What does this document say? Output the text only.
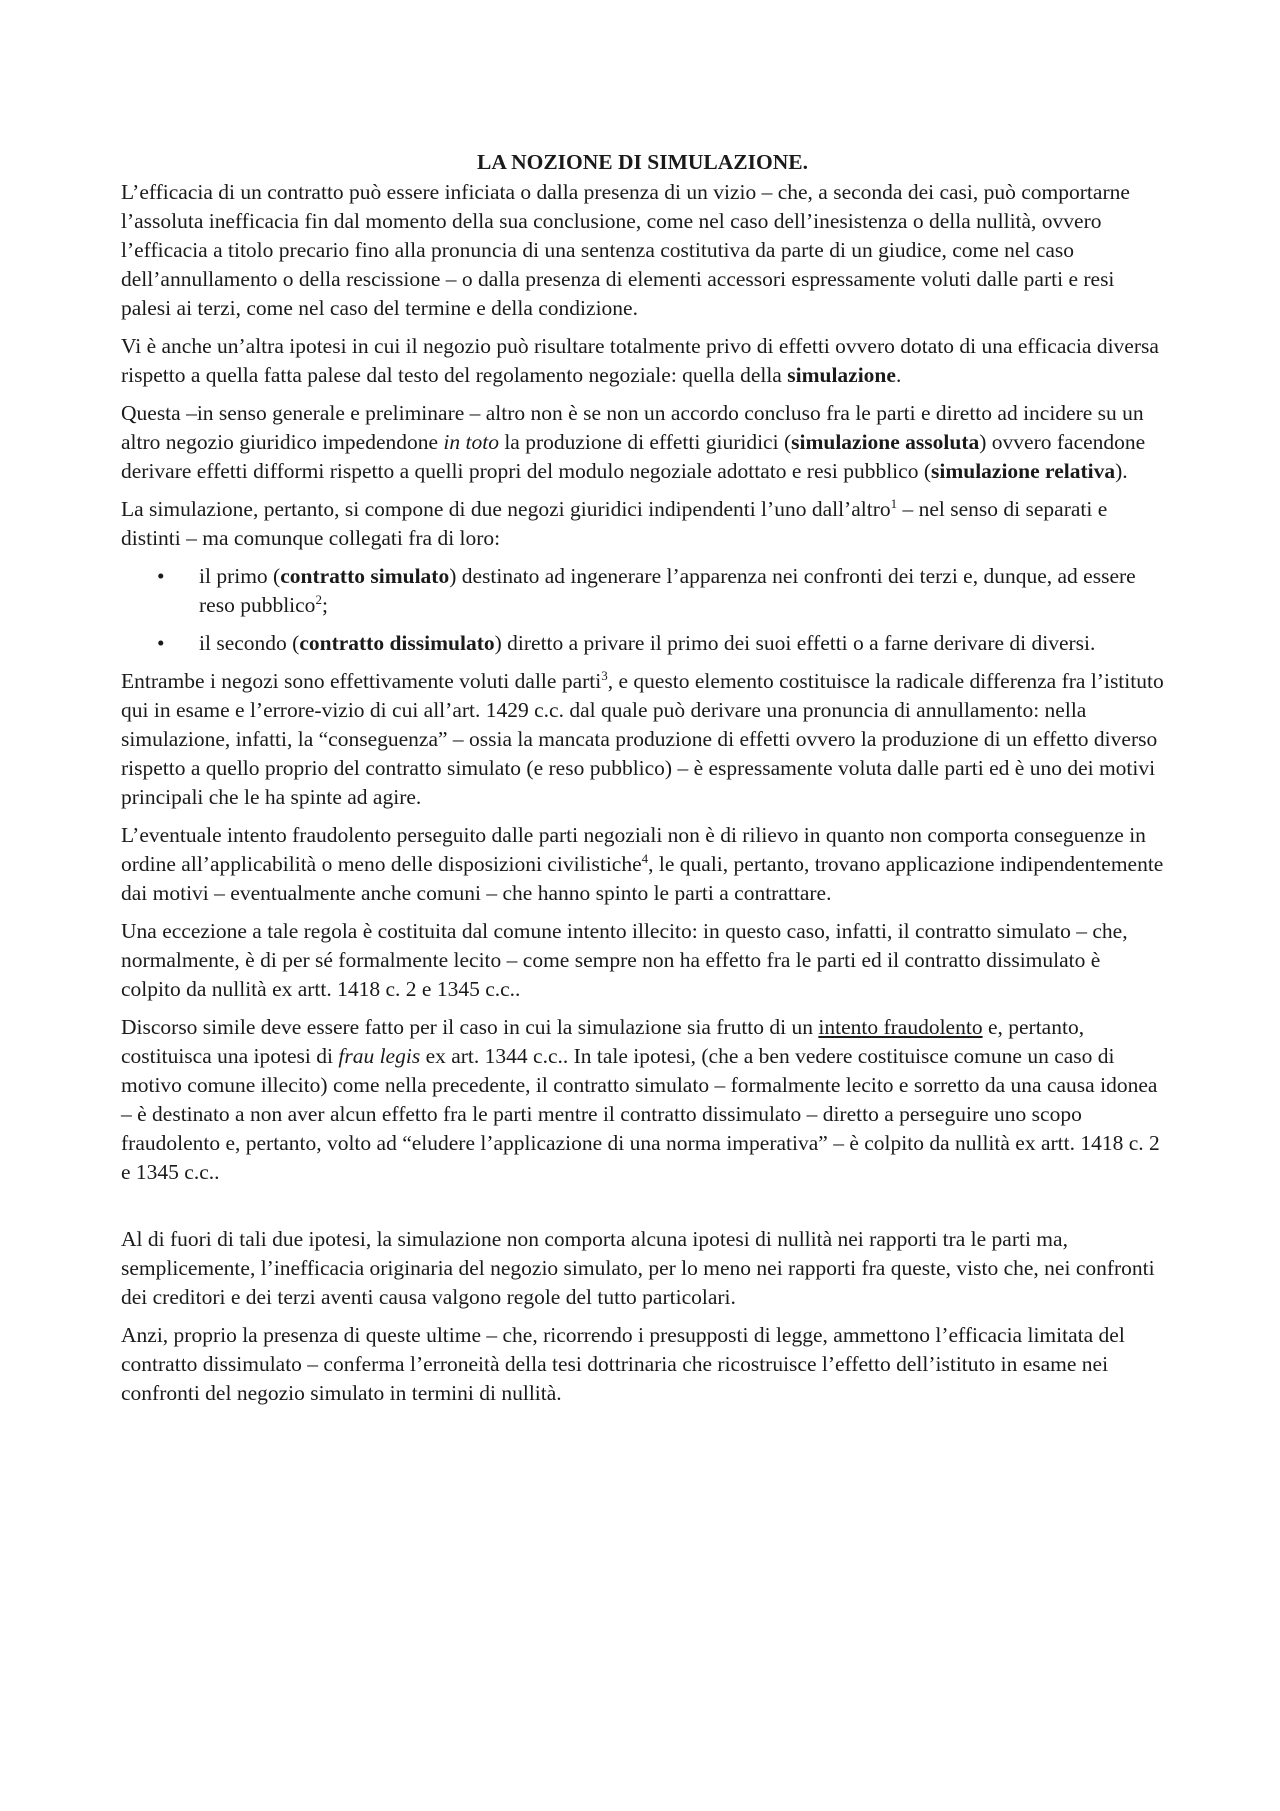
LA NOZIONE DI SIMULAZIONE.

L’efficacia di un contratto può essere inficiata o dalla presenza di un vizio – che, a seconda dei casi, può comportarne l’assoluta inefficacia fin dal momento della sua conclusione, come nel caso dell’inesistenza o della nullità, ovvero l’efficacia a titolo precario fino alla pronuncia di una sentenza costitutiva da parte di un giudice, come nel caso dell’annullamento o della rescissione – o dalla presenza di elementi accessori espressamente voluti dalle parti e resi palesi ai terzi, come nel caso del termine e della condizione.

Vi è anche un’altra ipotesi in cui il negozio può risultare totalmente privo di effetti ovvero dotato di una efficacia diversa rispetto a quella fatta palese dal testo del regolamento negoziale: quella della simulazione.

Questa –in senso generale e preliminare – altro non è se non un accordo concluso fra le parti e diretto ad incidere su un altro negozio giuridico impedendone in toto la produzione di effetti giuridici (simulazione assoluta) ovvero facendone derivare effetti difformi rispetto a quelli propri del modulo negoziale adottato e resi pubblico (simulazione relativa).

La simulazione, pertanto, si compone di due negozi giuridici indipendenti l’uno dall’altro$^1$ – nel senso di separati e distinti – ma comunque collegati fra di loro:

• il primo (contratto simulato) destinato ad ingenerare l’apparenza nei confronti dei terzi e, dunque, ad essere reso pubblico$^2$;
• il secondo (contratto dissimulato) diretto a privare il primo dei suoi effetti o a farne derivare di diversi.

Entrambe i negozi sono effettivamente voluti dalle parti$^3$, e questo elemento costituisce la radicale differenza fra l’istituto qui in esame e l’errore-vizio di cui all’art. 1429 c.c. dal quale può derivare una pronuncia di annullamento: nella simulazione, infatti, la “conseguenza” – ossia la mancata produzione di effetti ovvero la produzione di un effetto diverso rispetto a quello proprio del contratto simulato (e reso pubblico) – è espressamente voluta dalle parti ed è uno dei motivi principali che le ha spinte ad agire.

L’eventuale intento fraudolento perseguito dalle parti negoziali non è di rilievo in quanto non comporta conseguenze in ordine all’applicabilità o meno delle disposizioni civilistiche$^4$, le quali, pertanto, trovano applicazione indipendentemente dai motivi – eventualmente anche comuni – che hanno spinto le parti a contrattare.

Una eccezione a tale regola è costituita dal comune intento illecito: in questo caso, infatti, il contratto simulato – che, normalmente, è di per sé formalmente lecito – come sempre non ha effetto fra le parti ed il contratto dissimulato è colpito da nullità ex artt. 1418 c. 2 e 1345 c.c..

Discorso simile deve essere fatto per il caso in cui la simulazione sia frutto di un intento fraudolento e, pertanto, costituisca una ipotesi di frau legis ex art. 1344 c.c.. In tale ipotesi, (che a ben vedere costituisce comune un caso di motivo comune illecito) come nella precedente, il contratto simulato – formalmente lecito e sorretto da una causa idonea – è destinato a non aver alcun effetto fra le parti mentre il contratto dissimulato – diretto a perseguire uno scopo fraudolento e, pertanto, volto ad “eludere l’applicazione di una norma imperativa” – è colpito da nullità ex artt. 1418 c. 2 e 1345 c.c..

Al di fuori di tali due ipotesi, la simulazione non comporta alcuna ipotesi di nullità nei rapporti tra le parti ma, semplicemente, l’inefficacia originaria del negozio simulato, per lo meno nei rapporti fra queste, visto che, nei confronti dei creditori e dei terzi aventi causa valgono regole del tutto particolari.

Anzi, proprio la presenza di queste ultime – che, ricorrendo i presupposti di legge, ammettono l’efficacia limitata del contratto dissimulato – conferma l’erroneità della tesi dottrinaria che ricostruisce l’effetto dell’istituto in esame nei confronti del negozio simulato in termini di nullità.
